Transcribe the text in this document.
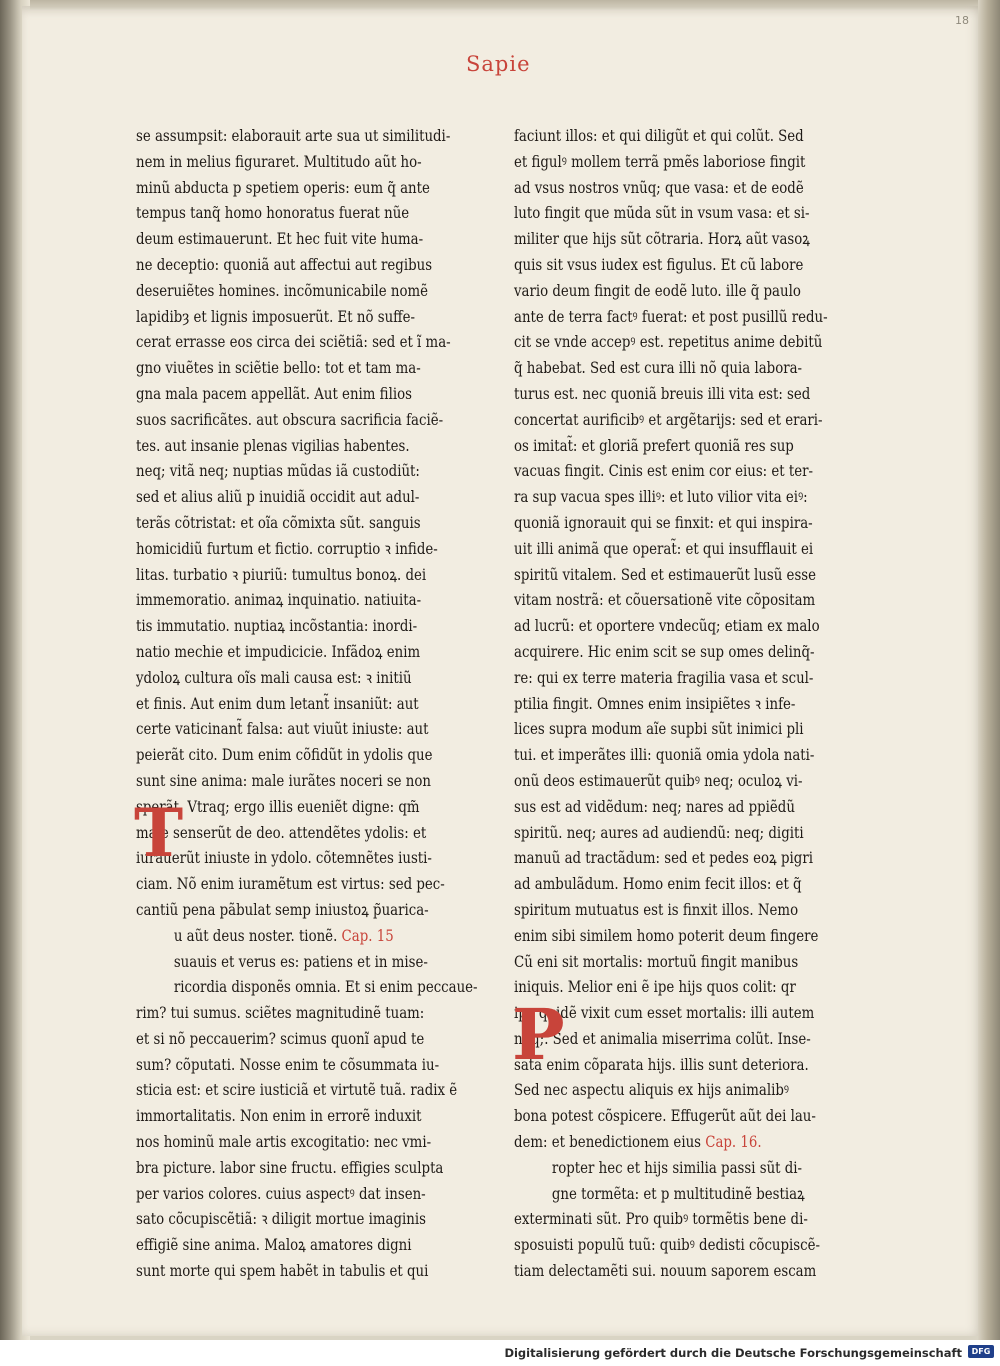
18
Sapie
se assumpsit: elaborauit arte sua ut similitudi-
nem in melius figuraret. Multitudo aũt ho-
minũ abducta p spetiem operis: eum q̃ ante
tempus tanq̃ homo honoratus fuerat nũe
deum estimauerunt. Et hec fuit vite huma-
ne deceptio: quoniã aut affectui aut regibus
deseruiẽtes homines. incõmunicabile nomẽ
lapidibȝ et lignis imposuerũt. Et nõ suffe-
cerat errasse eos circa dei sciẽtiã: sed et ĩ ma-
gno viuẽtes in sciẽtie bello: tot et tam ma-
gna mala pacem appellãt. Aut enim filios
suos sacrificãtes. aut obscura sacrificia faciẽ-
tes. aut insanie plenas vigilias habentes.
neq; vitã neq; nuptias mũdas iã custodiũt:
sed et alius aliũ p inuidiã occidit aut adul-
terãs cõtristat: et oĩa cõmixta sũt. sanguis
homicidiũ furtum et fictio. corruptio ꝛ infide-
litas. turbatio ꝛ piuriũ: tumultus bonoꝝ. dei
immemoratio. animaꝝ inquinatio. natiuita-
tis immutatio. nuptiaꝝ incõstantia: inordi-
natio mechie et impudicicie. Infãdoꝝ enim
ydoloꝝ cultura oĩs mali causa est: ꝛ initiũ
et finis. Aut enim dum letant̃ insaniũt: aut
certe vaticinant̃ falsa: aut viuũt iniuste: aut
peierãt cito. Dum enim cõfidũt in ydolis que
sunt sine anima: male iurãtes noceri se non
sperãt. Vtraq; ergo illis eueniẽt digne: qm̃
male senserũt de deo. attendẽtes ydolis: et
iurauerũt iniuste in ydolo. cõtemnẽtes iusti-
ciam. Nõ enim iuramẽtum est virtus: sed pec-
cantiũ pena pãbulat semp iniustoꝝ p̃uarica-
u aũt deus noster. tionẽ. Cap. 15
suauis et verus es: patiens et in mise-
ricordia disponẽs omnia. Et si enim peccaue-
rim? tui sumus. sciẽtes magnitudinẽ tuam:
et si nõ peccauerim? scimus quonĩ apud te
sum? cõputati. Nosse enim te cõsummata iu-
sticia est: et scire iusticiã et virtutẽ tuã. radix ẽ
immortalitatis. Non enim in errorẽ induxit
nos hominũ male artis excogitatio: nec vmi-
bra picture. labor sine fructu. effigies sculpta
per varios colores. cuius aspectꝰ dat insen-
sato cõcupiscẽtiã: ꝛ diligit mortue imaginis
effigiẽ sine anima. Maloꝝ amatores digni
sunt morte qui spem habẽt in tabulis et qui
faciunt illos: et qui diligũt et qui colũt. Sed
et figulꝰ mollem terrã pmẽs laboriose fingit
ad vsus nostros vnũq; que vasa: et de eodẽ
luto fingit que mũda sũt in vsum vasa: et si-
militer que hijs sũt cõtraria. Horꝝ aũt vasoꝝ
quis sit vsus iudex est figulus. Et cũ labore
vario deum fingit de eodẽ luto. ille q̃ paulo
ante de terra factꝰ fuerat: et post pusillũ redu-
cit se vnde accepꝰ est. repetitus anime debitũ
q̃ habebat. Sed est cura illi nõ quia labora-
turus est. nec quoniã breuis illi vita est: sed
concertat aurificibꝰ et argẽtarijs: sed et erari-
os imitat̃: et gloriã prefert quoniã res sup
vacuas fingit. Cinis est enim cor eius: et ter-
ra sup vacua spes illiꝰ: et luto vilior vita eiꝰ:
quoniã ignorauit qui se finxit: et qui inspira-
uit illi animã que operat̃: et qui insufflauit ei
spiritũ vitalem. Sed et estimauerũt lusũ esse
vitam nostrã: et cõuersationẽ vite cõpositam
ad lucrũ: et oportere vndecũq; etiam ex malo
acquirere. Hic enim scit se sup omes delinq̃-
re: qui ex terre materia fragilia vasa et scul-
ptilia fingit. Omnes enim insipiẽtes ꝛ infe-
lices supra modum aĩe supbi sũt inimici pli
tui. et imperãtes illi: quoniã omia ydola nati-
onũ deos estimauerũt quibꝰ neq; oculoꝝ vi-
sus est ad vidẽdum: neq; nares ad ppiẽdũ
spiritũ. neq; aures ad audiendũ: neq; digiti
manuũ ad tractãdum: sed et pedes eoꝝ pigri
ad ambulãdum. Homo enim fecit illos: et q̃
spiritum mutuatus est is finxit illos. Nemo
enim sibi similem homo poterit deum fingere
Cũ eni sit mortalis: mortuũ fingit manibus
iniquis. Melior eni ẽ ipe hijs quos colit: qr
ipe quidẽ vixit cum esset mortalis: illi autem
nũq;. Sed et animalia miserrima colũt. Inse-
sata enim cõparata hijs. illis sunt deteriora.
Sed nec aspectu aliquis ex hijs animalibꝰ
bona potest cõspicere. Effugerũt aũt dei lau-
dem: et benedictionem eius Cap. 16.
ropter hec et hijs similia passi sũt di-
gne tormẽta: et p multitudinẽ bestiaꝝ
exterminati sũt. Pro quibꝰ tormẽtis bene di-
sposuisti populũ tuũ: quibꝰ dedisti cõcupiscẽ-
tiam delectamẽti sui. nouum saporem escam
T
P
Digitalisierung gefördert durch die Deutsche Forschungsgemeinschaft	DFG
